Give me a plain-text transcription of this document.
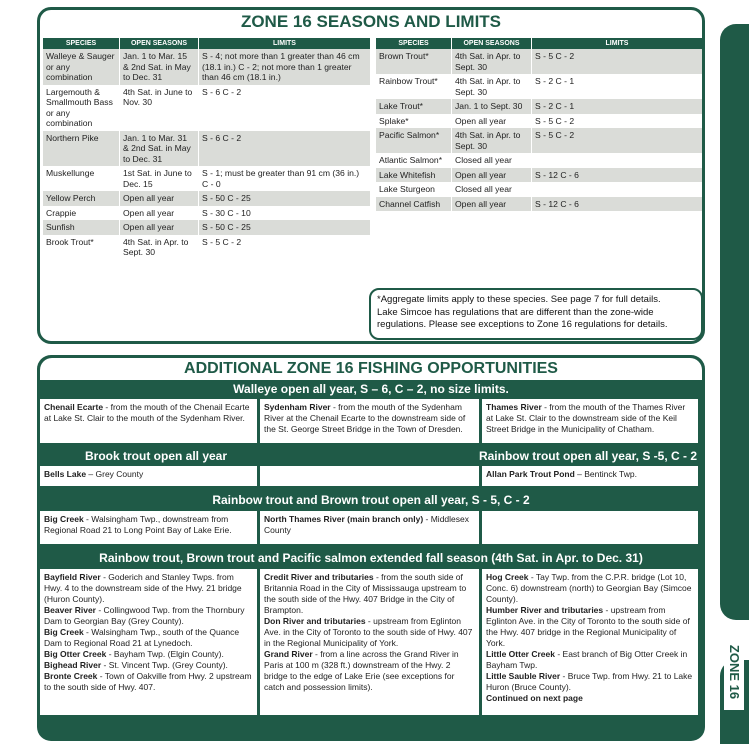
ZONE 16
ZONE 16 SEASONS AND LIMITS
SPECIES	OPEN SEASONS	LIMITS
Walleye & Sauger or any combination	Jan. 1 to Mar. 15 & 2nd Sat. in May to Dec. 31	S - 4; not more than 1 greater than 46 cm (18.1 in.) C - 2; not more than 1 greater than 46 cm (18.1 in.)
Largemouth & Smallmouth Bass or any combination	4th Sat. in June to Nov. 30	S - 6 C - 2
Northern Pike	Jan. 1 to Mar. 31 & 2nd Sat. in May to Dec. 31	S - 6 C - 2
Muskellunge	1st Sat. in June to Dec. 15	S - 1; must be greater than 91 cm (36 in.) C - 0
Yellow Perch	Open all year	S - 50 C - 25
Crappie	Open all year	S - 30 C - 10
Sunfish	Open all year	S - 50 C - 25
Brook Trout*	4th Sat. in Apr. to Sept. 30	S - 5 C - 2
SPECIES	OPEN SEASONS	LIMITS
Brown Trout*	4th Sat. in Apr. to Sept. 30	S - 5 C - 2
Rainbow Trout*	4th Sat. in Apr. to Sept. 30	S - 2 C - 1
Lake Trout*	Jan. 1 to Sept. 30	S - 2 C - 1
Splake*	Open all year	S - 5 C - 2
Pacific Salmon*	4th Sat. in Apr. to Sept. 30	S - 5 C - 2
Atlantic Salmon*	Closed all year	
Lake Whitefish	Open all year	S - 12 C - 6
Lake Sturgeon	Closed all year	
Channel Catfish	Open all year	S - 12 C - 6
*Aggregate limits apply to these species. See page 7 for full details.
Lake Simcoe has regulations that are different than the zone-wide regulations. Please see exceptions to Zone 16 regulations for details.
ADDITIONAL ZONE 16 FISHING OPPORTUNITIES
Walleye open all year, S – 6, C – 2, no size limits.
Chenail Ecarte - from the mouth of the Chenail Ecarte at Lake St. Clair to the mouth of the Sydenham River.
Sydenham River - from the mouth of the Sydenham River at the Chenail Ecarte to the downstream side of the St. George Street Bridge in the Town of Dresden.
Thames River - from the mouth of the Thames River at Lake St. Clair to the downstream side of the Keil Street Bridge in the Municipality of Chatham.
Brook trout open all year	Rainbow trout open all year, S -5, C - 2
Bells Lake – Grey County	Allan Park Trout Pond – Bentinck Twp.
Rainbow trout and Brown trout open all year, S - 5, C - 2
Big Creek - Walsingham Twp., downstream from Regional Road 21 to Long Point Bay of Lake Erie.
North Thames River (main branch only) - Middlesex County
Rainbow trout, Brown trout and Pacific salmon extended fall season (4th Sat. in Apr. to Dec. 31)
Bayfield River - Goderich and Stanley Twps. from Hwy. 4 to the downstream side of the Hwy. 21 bridge (Huron County).
Beaver River - Collingwood Twp. from the Thornbury Dam to Georgian Bay (Grey County).
Big Creek - Walsingham Twp., south of the Quance Dam to Regional Road 21 at Lynedoch.
Big Otter Creek - Bayham Twp. (Elgin County).
Bighead River - St. Vincent Twp. (Grey County).
Bronte Creek - Town of Oakville from Hwy. 2 upstream to the south side of Hwy. 407.
Credit River and tributaries - from the south side of Britannia Road in the City of Mississauga upstream to the south side of the Hwy. 407 Bridge in the City of Brampton.
Don River and tributaries - upstream from Eglinton Ave. in the City of Toronto to the south side of Hwy. 407 in the Regional Municipality of York.
Grand River - from a line across the Grand River in Paris at 100 m (328 ft.) downstream of the Hwy. 2 bridge to the edge of Lake Erie (see exceptions for catch and possession limits).
Hog Creek - Tay Twp. from the C.P.R. bridge (Lot 10, Conc. 6) downstream (north) to Georgian Bay (Simcoe County).
Humber River and tributaries - upstream from Eglinton Ave. in the City of Toronto to the south side of the Hwy. 407 bridge in the Regional Municipality of York.
Little Otter Creek - East branch of Big Otter Creek in Bayham Twp.
Little Sauble River - Bruce Twp. from Hwy. 21 to Lake Huron (Bruce County).
Continued on next page
